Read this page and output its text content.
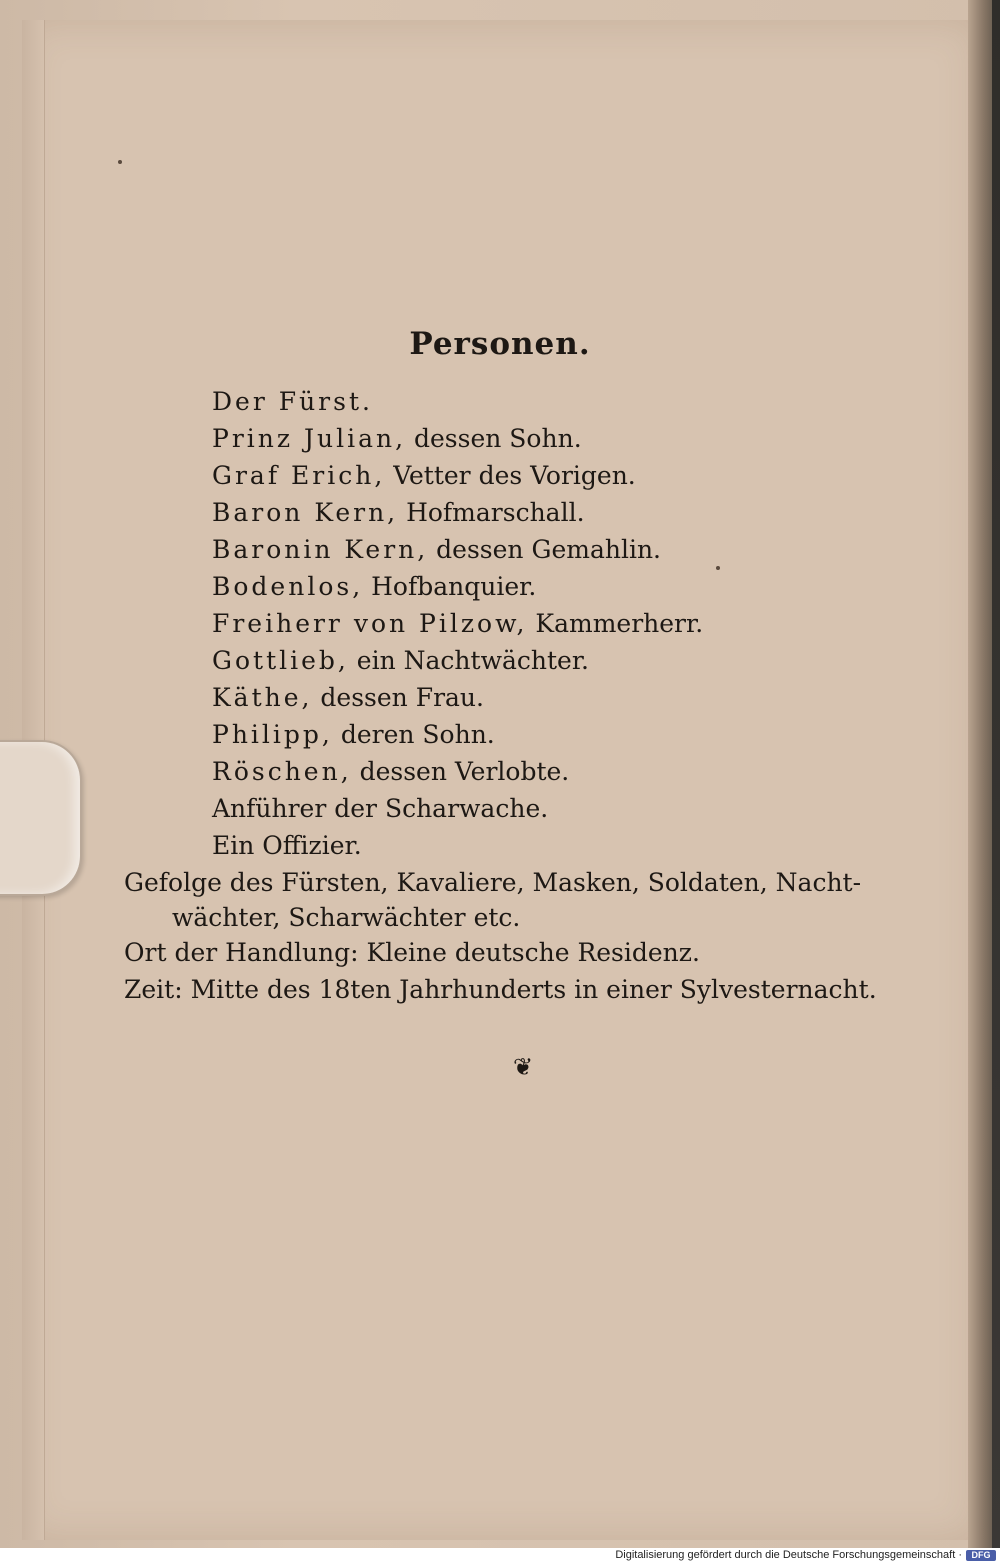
Personen.
Der Fürst.
Prinz Julian, dessen Sohn.
Graf Erich, Vetter des Vorigen.
Baron Kern, Hofmarschall.
Baronin Kern, dessen Gemahlin.
Bodenlos, Hofbanquier.
Freiherr von Pilzow, Kammerherr.
Gottlieb, ein Nachtwächter.
Käthe, dessen Frau.
Philipp, deren Sohn.
Röschen, dessen Verlobte.
Anführer der Scharwache.
Ein Offizier.
Gefolge des Fürsten, Kavaliere, Masken, Soldaten, Nacht-
wächter, Scharwächter etc.
Ort der Handlung: Kleine deutsche Residenz.
Zeit: Mitte des 18ten Jahrhunderts in einer Sylvesternacht.
❦
Digitalisierung gefördert durch die Deutsche Forschungsgemeinschaft ·	DFG
